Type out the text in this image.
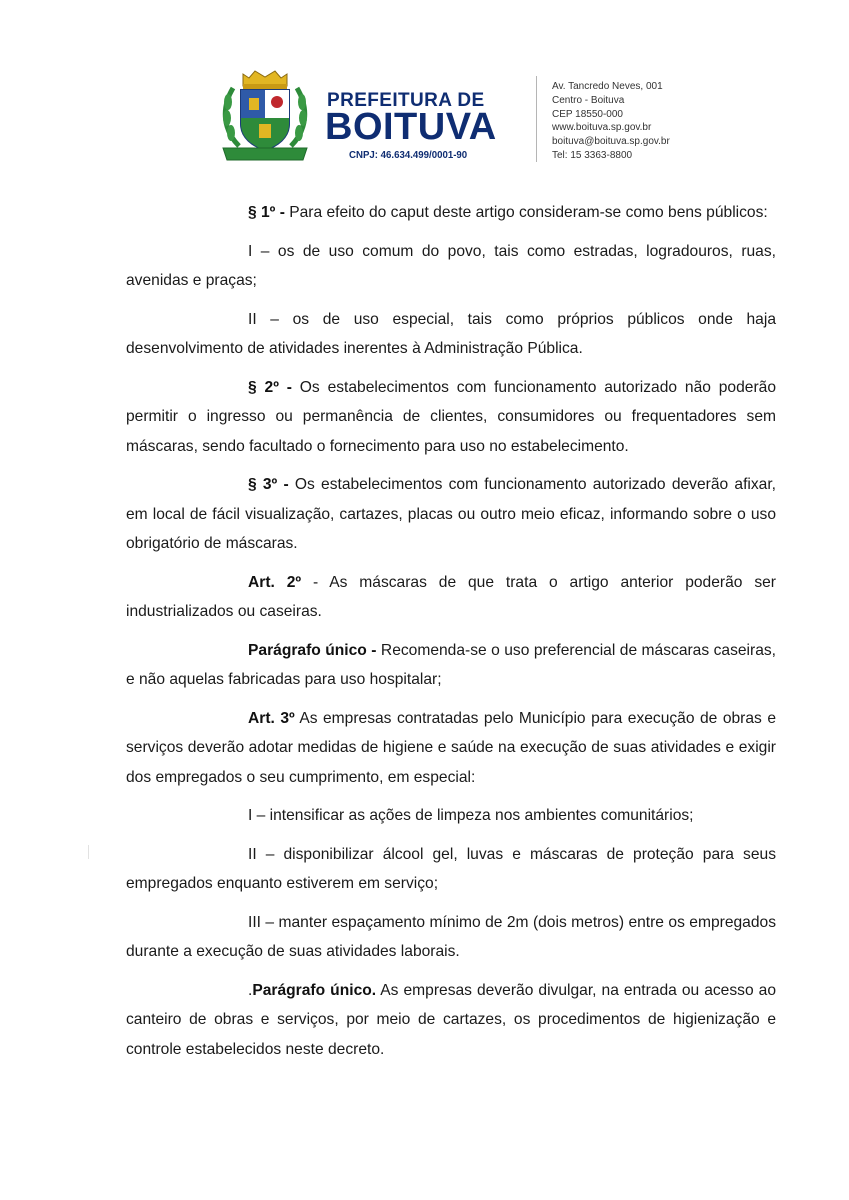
PREFEITURA DE
BOITUVA
CNPJ: 46.634.499/0001-90
Av. Tancredo Neves, 001
Centro - Boituva
CEP 18550-000
www.boituva.sp.gov.br
boituva@boituva.sp.gov.br
Tel: 15 3363-8800

§ 1º - Para efeito do caput deste artigo consideram-se como bens públicos:

I – os de uso comum do povo, tais como estradas, logradouros, ruas, avenidas e praças;

II – os de uso especial, tais como próprios públicos onde haja desenvolvimento de atividades inerentes à Administração Pública.

§ 2º - Os estabelecimentos com funcionamento autorizado não poderão permitir o ingresso ou permanência de clientes, consumidores ou frequentadores sem máscaras, sendo facultado o fornecimento para uso no estabelecimento.

§ 3º - Os estabelecimentos com funcionamento autorizado deverão afixar, em local de fácil visualização, cartazes, placas ou outro meio eficaz, informando sobre o uso obrigatório de máscaras.

Art. 2º - As máscaras de que trata o artigo anterior poderão ser industrializados ou caseiras.

Parágrafo único - Recomenda-se o uso preferencial de máscaras caseiras, e não aquelas fabricadas para uso hospitalar;

Art. 3º As empresas contratadas pelo Município para execução de obras e serviços deverão adotar medidas de higiene e saúde na execução de suas atividades e exigir dos empregados o seu cumprimento, em especial:

I – intensificar as ações de limpeza nos ambientes comunitários;

II – disponibilizar álcool gel, luvas e máscaras de proteção para seus empregados enquanto estiverem em serviço;

III – manter espaçamento mínimo de 2m (dois metros) entre os empregados durante a execução de suas atividades laborais.

.Parágrafo único. As empresas deverão divulgar, na entrada ou acesso ao canteiro de obras e serviços, por meio de cartazes, os procedimentos de higienização e controle estabelecidos neste decreto.
